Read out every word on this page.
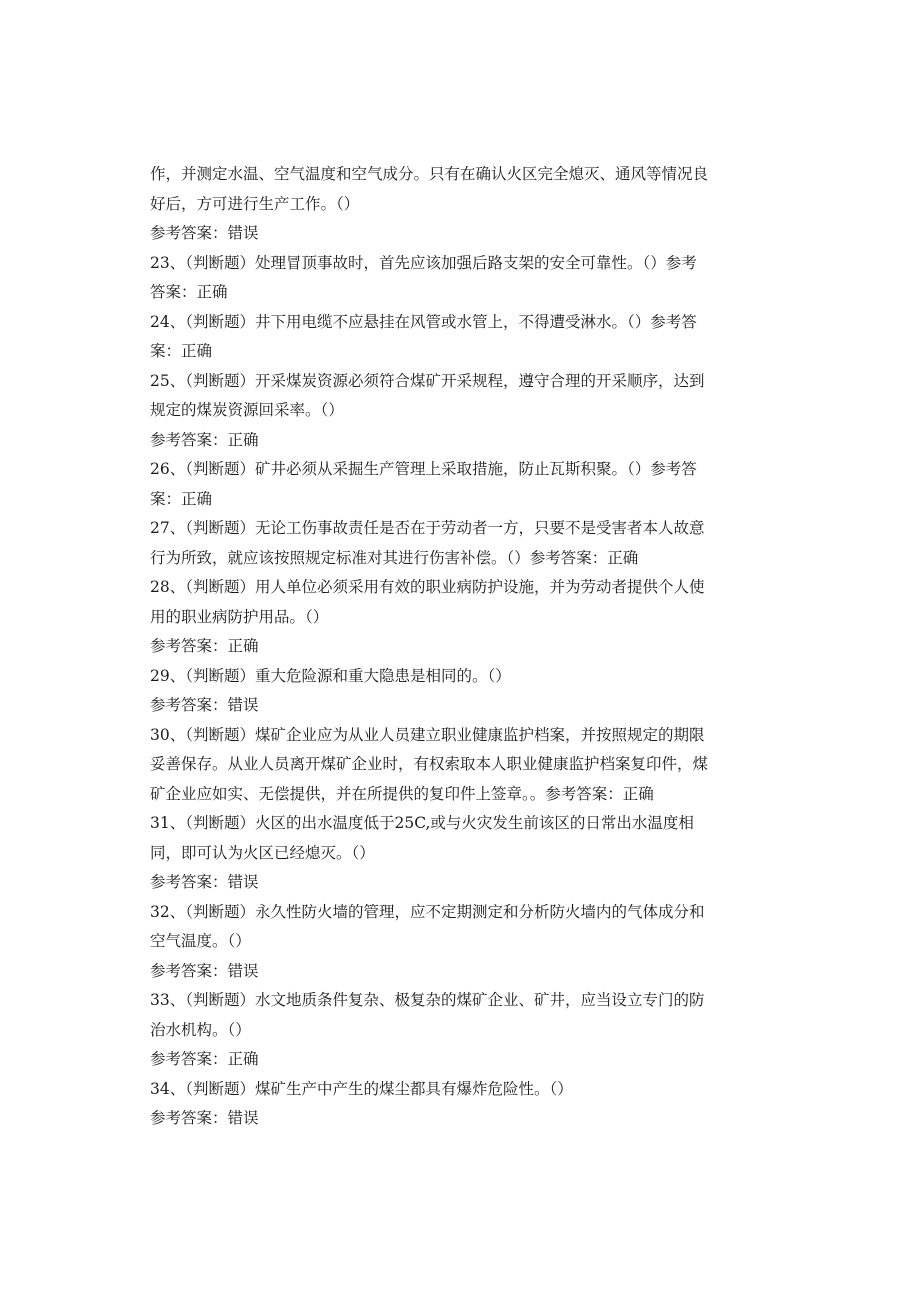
作，并测定水温、空气温度和空气成分。只有在确认火区完全熄灭、通风等情况良
好后，方可进行生产工作。（）
参考答案：错误
23、（判断题）处理冒顶事故时，首先应该加强后路支架的安全可靠性。（）参考
答案：正确
24、（判断题）井下用电缆不应悬挂在风管或水管上，不得遭受淋水。（）参考答
案：正确
25、（判断题）开采煤炭资源必须符合煤矿开采规程，遵守合理的开采顺序，达到
规定的煤炭资源回采率。（）
参考答案：正确
26、（判断题）矿井必须从采掘生产管理上采取措施，防止瓦斯积聚。（）参考答
案：正确
27、（判断题）无论工伤事故责任是否在于劳动者一方，只要不是受害者本人故意
行为所致，就应该按照规定标准对其进行伤害补偿。（）参考答案：正确
28、（判断题）用人单位必须采用有效的职业病防护设施，并为劳动者提供个人使
用的职业病防护用品。（）
参考答案：正确
29、（判断题）重大危险源和重大隐患是相同的。（）
参考答案：错误
30、（判断题）煤矿企业应为从业人员建立职业健康监护档案，并按照规定的期限
妥善保存。从业人员离开煤矿企业时，有权索取本人职业健康监护档案复印件，煤
矿企业应如实、无偿提供，并在所提供的复印件上签章。。参考答案：正确
31、（判断题）火区的出水温度低于25C,或与火灾发生前该区的日常出水温度相
同，即可认为火区已经熄灭。（）
参考答案：错误
32、（判断题）永久性防火墙的管理，应不定期测定和分析防火墙内的气体成分和
空气温度。（）
参考答案：错误
33、（判断题）水文地质条件复杂、极复杂的煤矿企业、矿井，应当设立专门的防
治水机构。（）
参考答案：正确
34、（判断题）煤矿生产中产生的煤尘都具有爆炸危险性。（）
参考答案：错误
